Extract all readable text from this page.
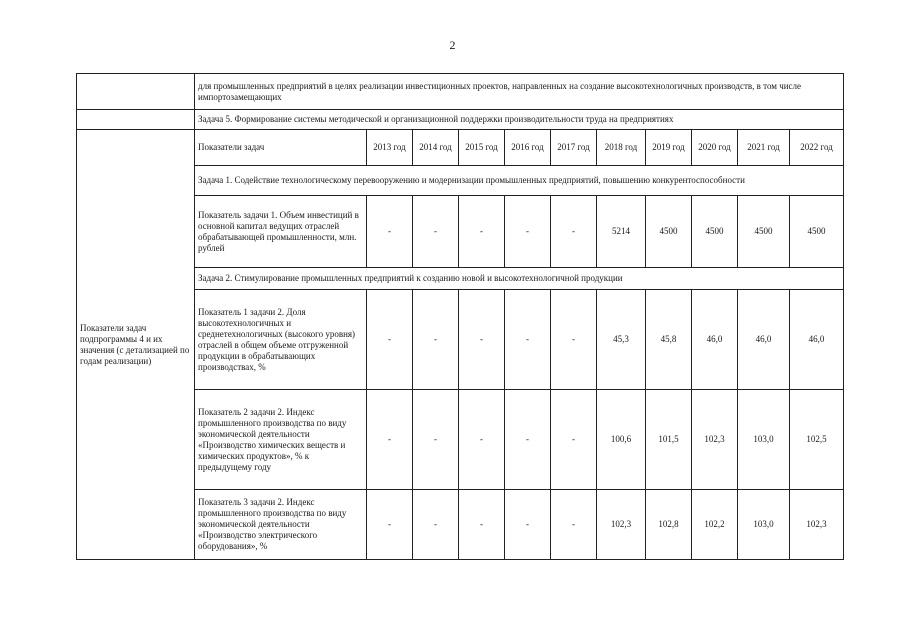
2
	для промышленных предприятий в целях реализации инвестиционных проектов, направленных на создание высокотехнологичных производств, в том числе импортозамещающих										
	Задача 5. Формирование системы методической и организационной поддержки производительности труда на предприятиях										
Показатели задач подпрограммы 4 и их значения (с детализацией по годам реализации)	Показатели задач	2013 год	2014 год	2015 год	2016 год	2017 год	2018 год	2019 год	2020 год	2021 год	2022 год
	Задача 1. Содействие технологическому перевооружению и модернизации промышленных предприятий, повышению конкурентоспособности										
	Показатель задачи 1. Объем инвестиций в основной капитал ведущих отраслей обрабатывающей промышленности, млн. рублей	-	-	-	-	-	5214	4500	4500	4500	4500
	Задача 2. Стимулирование промышленных предприятий к созданию новой и высокотехнологичной продукции										
	Показатель 1 задачи 2. Доля высокотехнологичных и среднетехнологичных (высокого уровня) отраслей в общем объеме отгруженной продукции в обрабатывающих производствах, %	-	-	-	-	-	45,3	45,8	46,0	46,0	46,0
	Показатель 2 задачи 2. Индекс промышленного производства по виду экономической деятельности «Производство химических веществ и химических продуктов», % к предыдущему году	-	-	-	-	-	100,6	101,5	102,3	103,0	102,5
	Показатель 3 задачи 2. Индекс промышленного производства по виду экономической деятельности «Производство электрического оборудования», %	-	-	-	-	-	102,3	102,8	102,2	103,0	102,3
